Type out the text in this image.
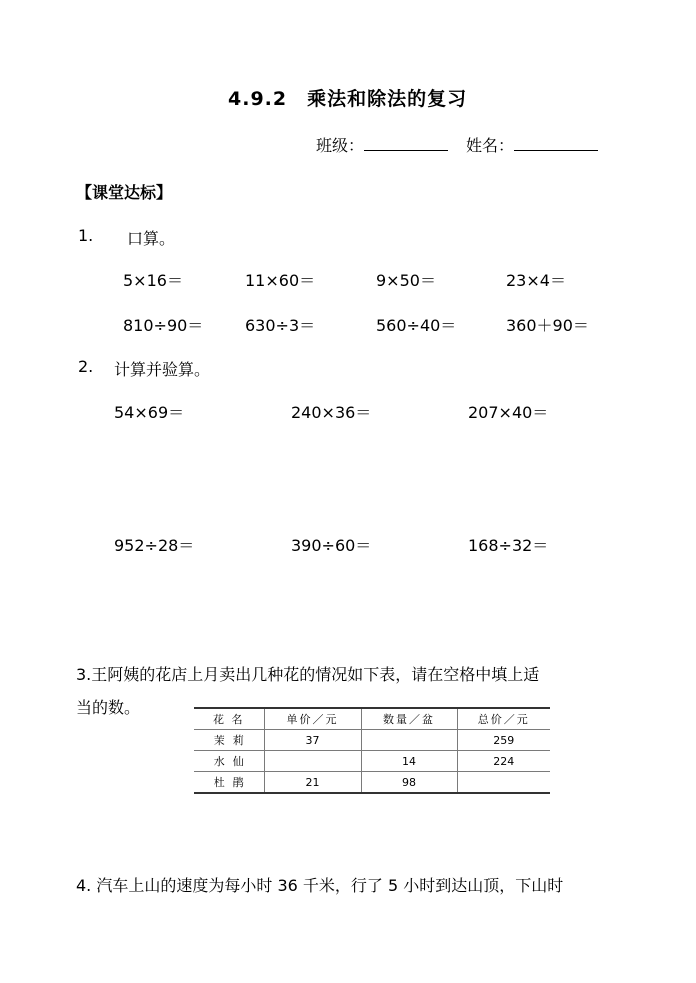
4.9.2　乘法和除法的复习
班级：	姓名：
【课堂达标】
1. 口算。
5×16＝	11×60＝	9×50＝	23×4＝
810÷90＝	630÷3＝	560÷40＝	360＋90＝
2. 计算并验算。
54×69＝	240×36＝	207×40＝
952÷28＝	390÷60＝	168÷32＝
3.王阿姨的花店上月卖出几种花的情况如下表，请在空格中填上适
当的数。
花 名	单价／元	数量／盆	总价／元
茉莉	37		259
水仙		14	224
杜鹃	21	98	
4. 汽车上山的速度为每小时 36 千米，行了 5 小时到达山顶，下山时
